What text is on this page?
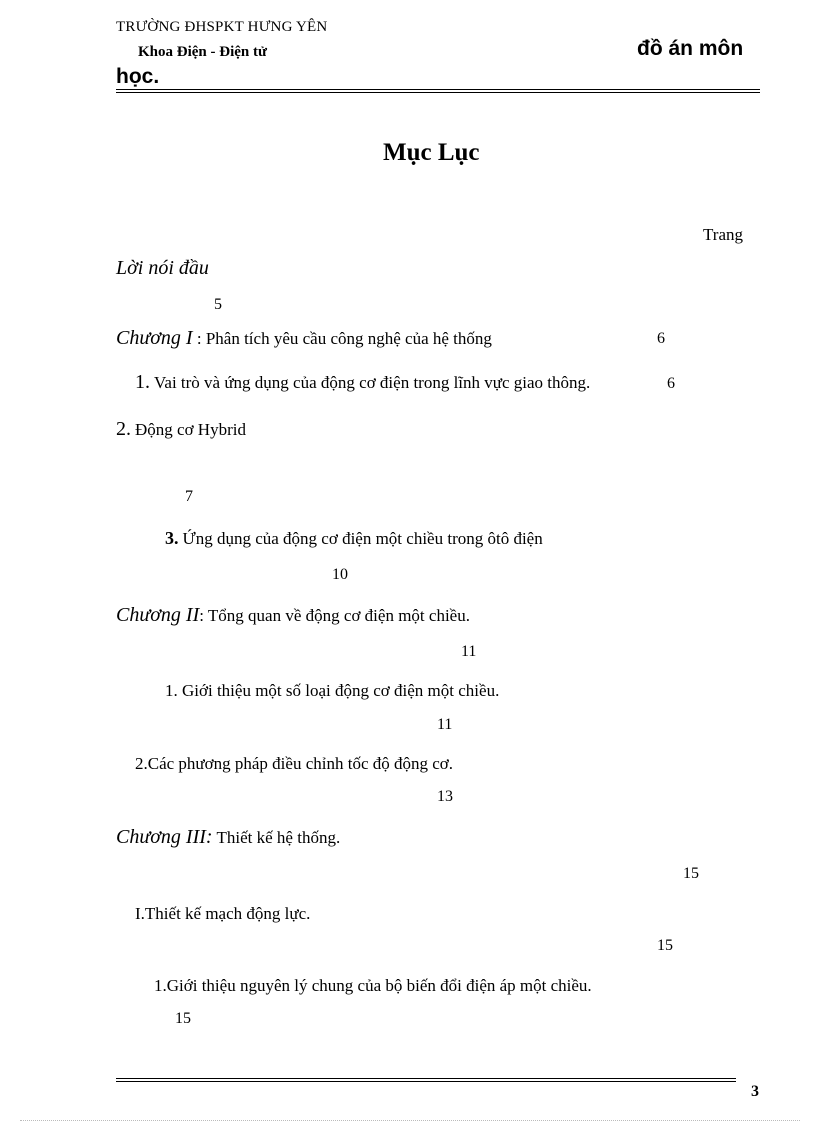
TRƯỜNG ĐHSPKT HƯNG YÊN
Khoa Điện - Điện tử	đồ án môn
học.
Mục Lục
Trang
Lời nói đầu
5
Chương I : Phân tích yêu cầu công nghệ của hệ thống	6
1. Vai trò và ứng dụng của động cơ điện trong lĩnh vực giao thông.	6
2. Động cơ Hybrid
7
3. Ứng dụng của động cơ điện một chiều trong ôtô điện
10
Chương II: Tổng quan về động cơ điện một chiều.
11
1. Giới thiệu một số loại động cơ điện một chiều.
11
2.Các phương pháp điều chỉnh tốc độ động cơ.
13
Chương III: Thiết kế hệ thống.
15
I.Thiết kế mạch động lực.
15
1.Giới thiệu nguyên lý chung của bộ biến đổi điện áp một chiều.
15
3
